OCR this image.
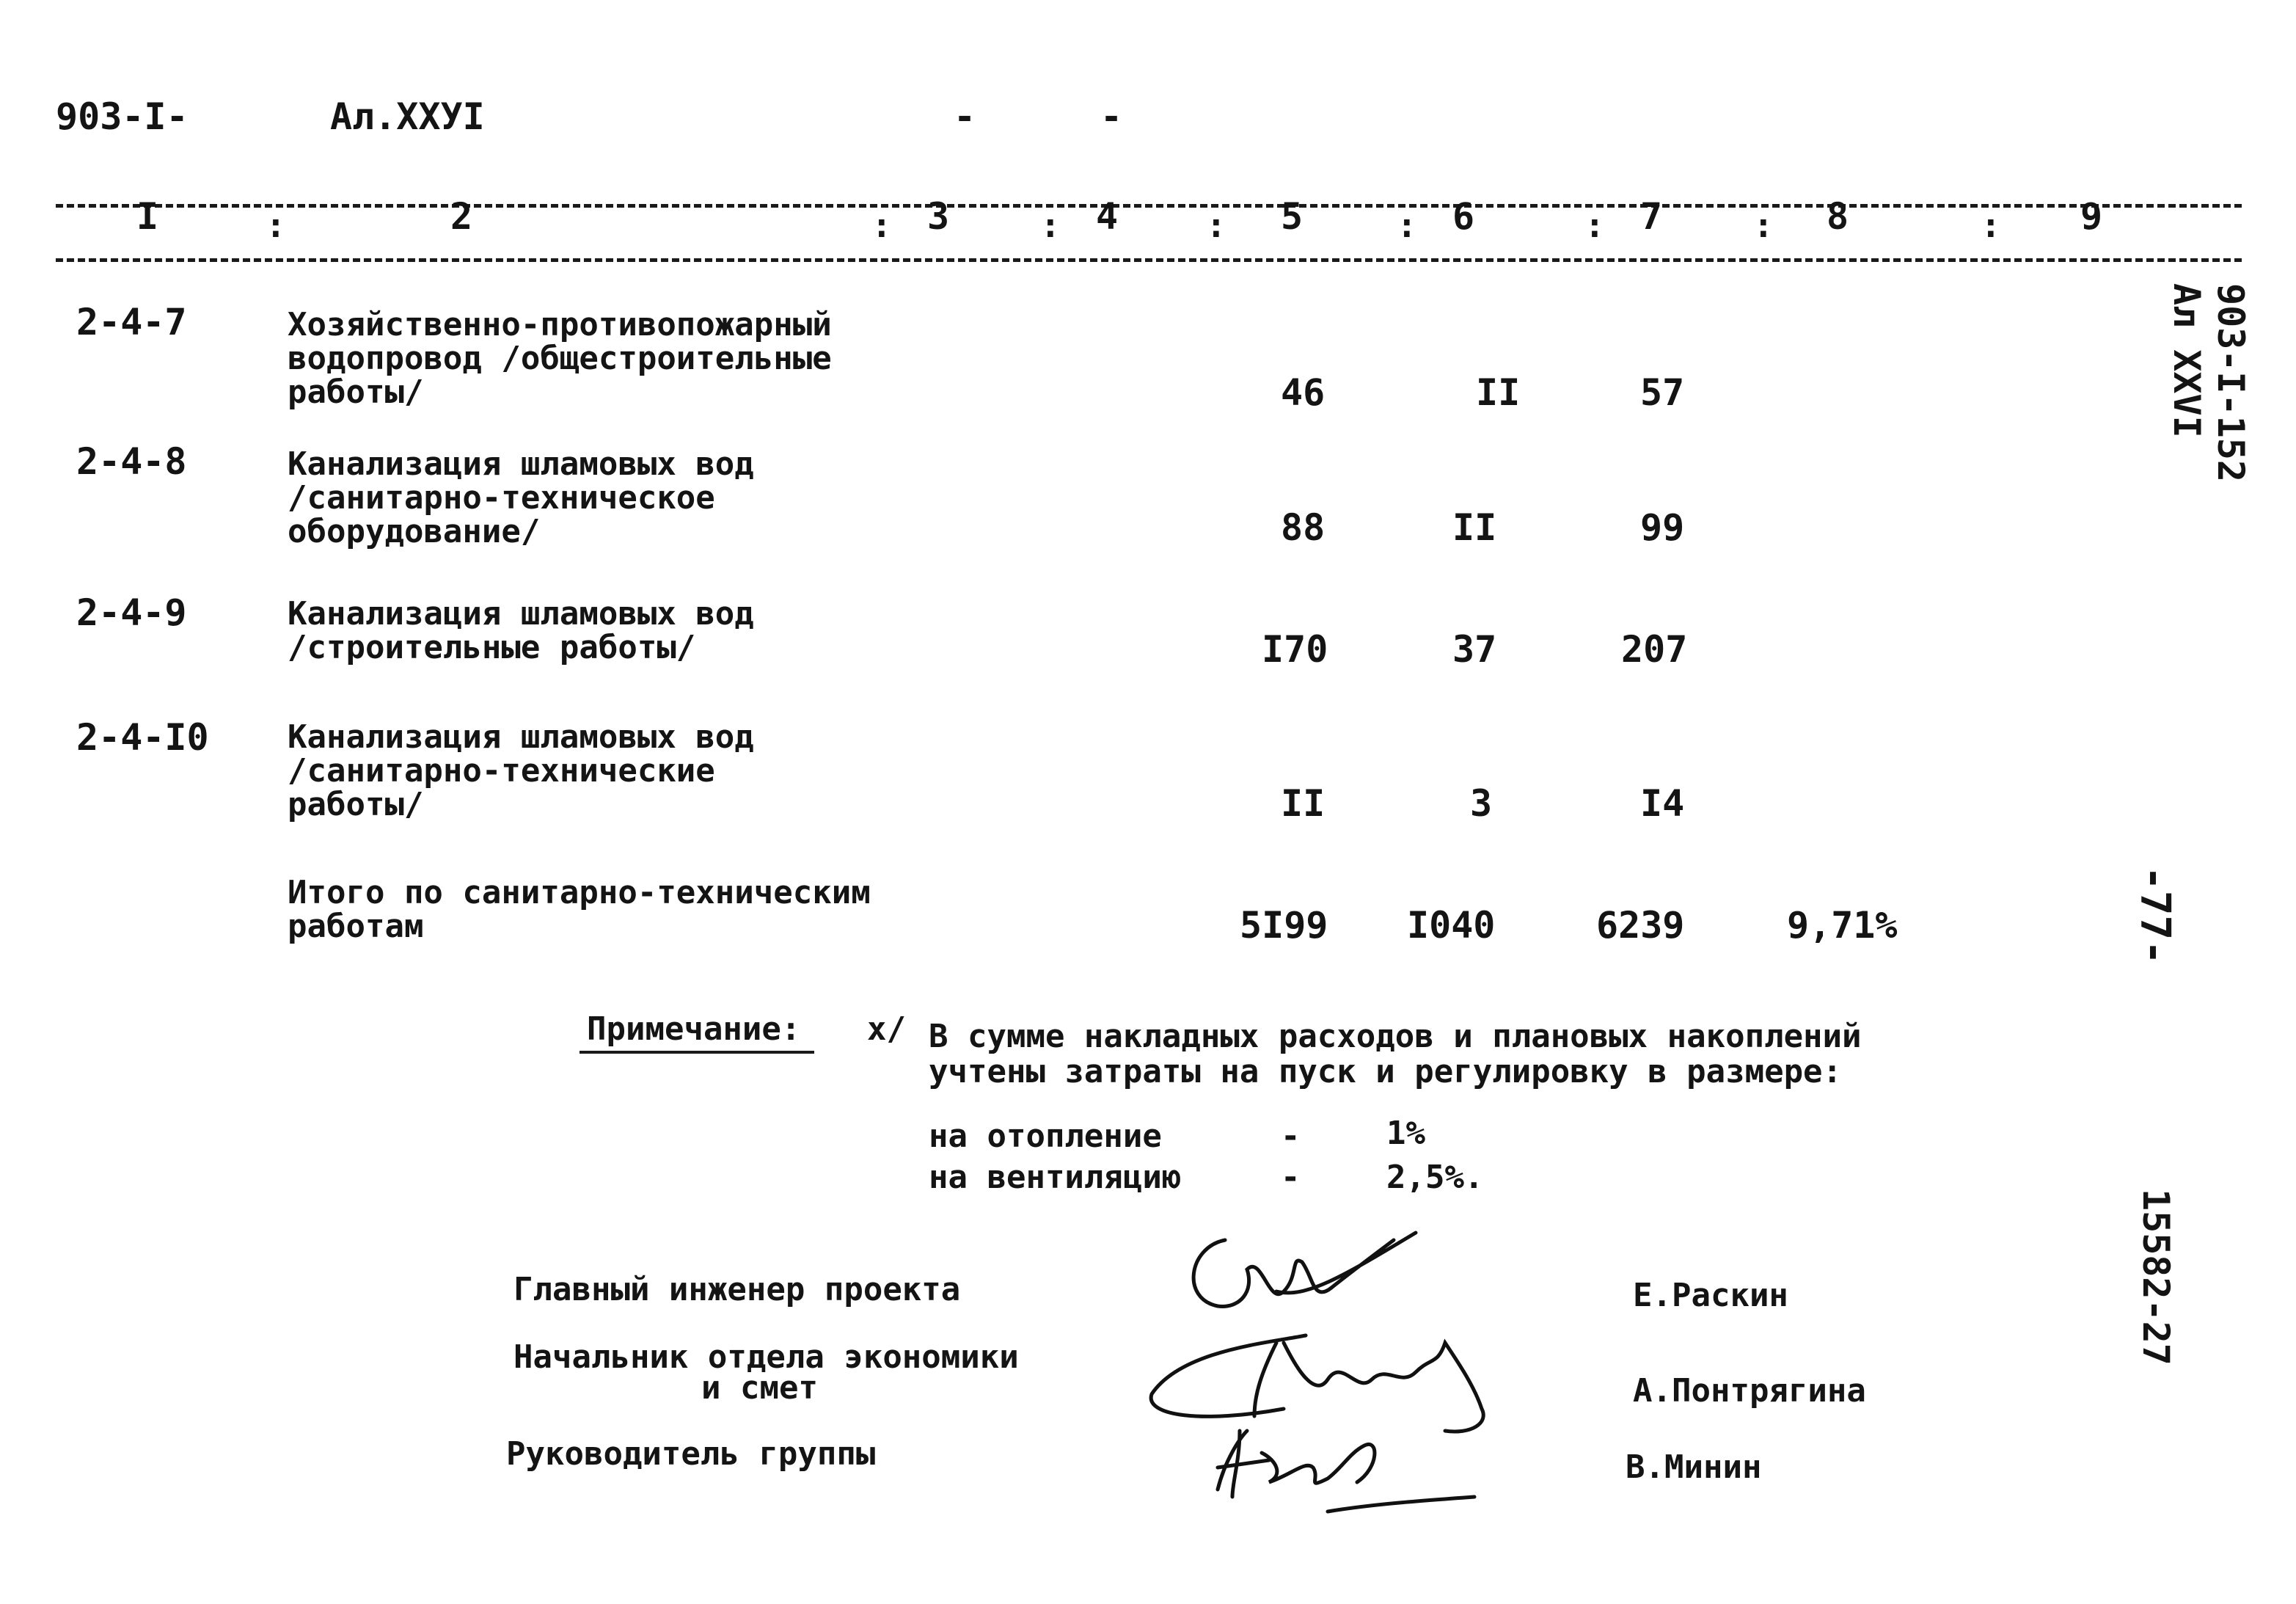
903-I-	Ал.XXУI	-	-
I	:	2	: 3	: 4	: 5	: 6	: 7	: 8	: 9
2-4-7	Хозяйственно-противопожарный
водопровод /общестроительные
работы/	46	II	57
2-4-8	Канализация шламовых вод
/санитарно-техническое
оборудование/	88	II	99
2-4-9	Канализация шламовых вод
/строительные работы/	I70	37	207
2-4-I0 Канализация шламовых вод
/санитарно-технические
работы/	II	3	I4
Итого по санитарно-техническим
работам	5I99 I040	6239	9,71%
Примечание: х/ В сумме накладных расходов и плановых накоплений
учтены затраты на пуск и регулировку в размере:
на отопление	-	1%
на вентиляцию	-	2,5%.
Главный инженер проекта	Е.Раскин
Начальник отдела экономики
и смет	А.Понтрягина
Руководитель группы	В.Минин
903-I-152
Ал XXVI
-77-
15582-27
